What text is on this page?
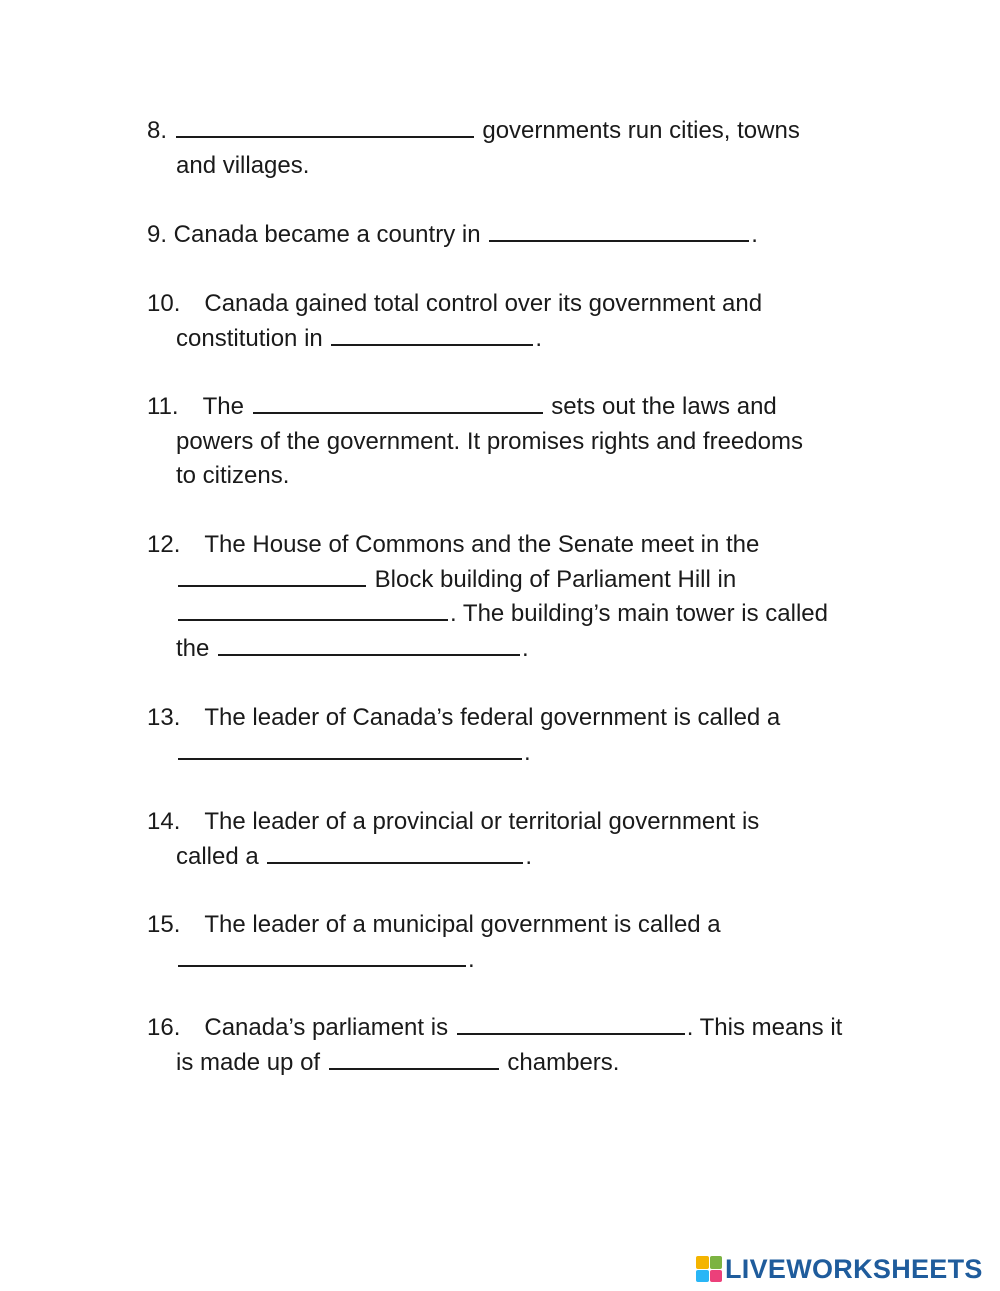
8.	governments run cities, towns
and villages.

9. Canada became a country in	.

10. Canada gained total control over its government and
constitution in	.

11. The	sets out the laws and
powers of the government. It promises rights and freedoms
to citizens.

12. The House of Commons and the Senate meet in the
Block building of Parliament Hill in
. The building’s main tower is called
the	.

13. The leader of Canada’s federal government is called a
.

14. The leader of a provincial or territorial government is
called a	.

15. The leader of a municipal government is called a
.

16. Canada’s parliament is	. This means it
is made up of	chambers.

LIVEWORKSHEETS
